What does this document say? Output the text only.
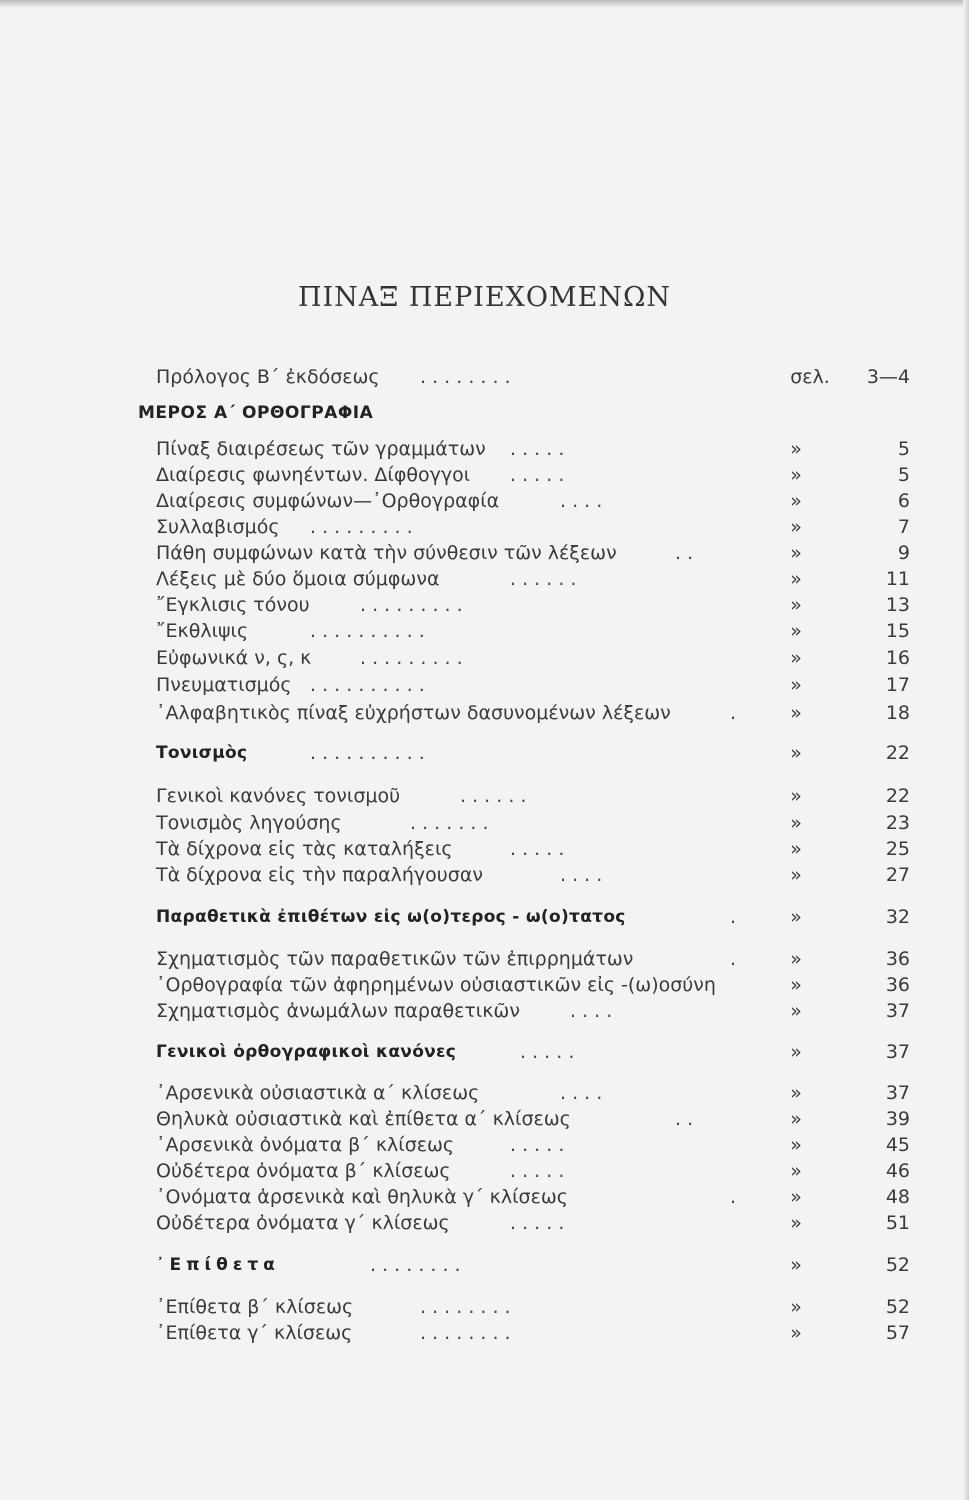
ΠΙΝΑΞ ΠΕΡΙΕΧΟΜΕΝΩΝ
Πρόλογος Β΄ ἐκδόσεως . . . . . . . .	σελ. 3—4
ΜΕΡΟΣ Α΄ ΟΡΘΟΓΡΑΦΙΑ
Πίναξ διαιρέσεως τῶν γραμμάτων . . . . .	»	5
Διαίρεσις φωνηέντων. Δίφθογγοι . . . . .	»	5
Διαίρεσις συμφώνων—᾿Ορθογραφία	. . . .	»	6
Συλλαβισμός . . . . . . . . .	»	7
Πάθη συμφώνων κατὰ τὴν σύνθεσιν τῶν λέξεων	. .	»	9
Λέξεις μὲ δύο ὅμοια σύμφωνα	. . . . . .	»	11
῎Εγκλισις τόνου	. . . . . . . . .	»	13
῎Εκθλιψις	. . . . . . . . . .	»	15
Εὐφωνικά ν, ς, κ	. . . . . . . . .	»	16
Πνευματισμός . . . . . . . . . .	»	17
᾿Αλφαβητικὸς πίναξ εὐχρήστων δασυνομένων λέξεων	.	»	18
Τονισμὸς	. . . . . . . . . .	»	22
Γενικοὶ κανόνες τονισμοῦ	. . . . . .	»	22
Τονισμὸς ληγούσης	. . . . . . .	»	23
Τὰ δίχρονα εἰς τὰς καταλήξεις	. . . . .	»	25
Τὰ δίχρονα εἰς τὴν παραλήγουσαν	. . . .	»	27
Παραθετικὰ ἐπιθέτων εἰς ω(ο)τερος - ω(ο)τατος	.	»	32
Σχηματισμὸς τῶν παραθετικῶν τῶν ἐπιρρημάτων	.	»	36
᾿Ορθογραφία τῶν ἀφηρημένων οὐσιαστικῶν εἰς -(ω)οσύνη	»	36
Σχηματισμὸς ἀνωμάλων παραθετικῶν	. . . .	»	37
Γενικοὶ ὀρθογραφικοὶ κανόνες	. . . . .	»	37
᾿Αρσενικὰ οὐσιαστικὰ α΄ κλίσεως	. . . .	»	37
Θηλυκὰ οὐσιαστικὰ καὶ ἐπίθετα α΄ κλίσεως	. .	»	39
᾿Αρσενικὰ ὀνόματα β΄ κλίσεως	. . . . .	»	45
Οὐδέτερα ὀνόματα β΄ κλίσεως	. . . . .	»	46
᾿Ονόματα ἀρσενικὰ καὶ θηλυκὰ γ΄ κλίσεως	.	»	48
Οὐδέτερα ὀνόματα γ΄ κλίσεως	. . . . .	»	51
᾿Επίθετα	. . . . . . . .	»	52
᾿Επίθετα β΄ κλίσεως	. . . . . . . .	»	52
᾿Επίθετα γ΄ κλίσεως	. . . . . . . .	»	57
